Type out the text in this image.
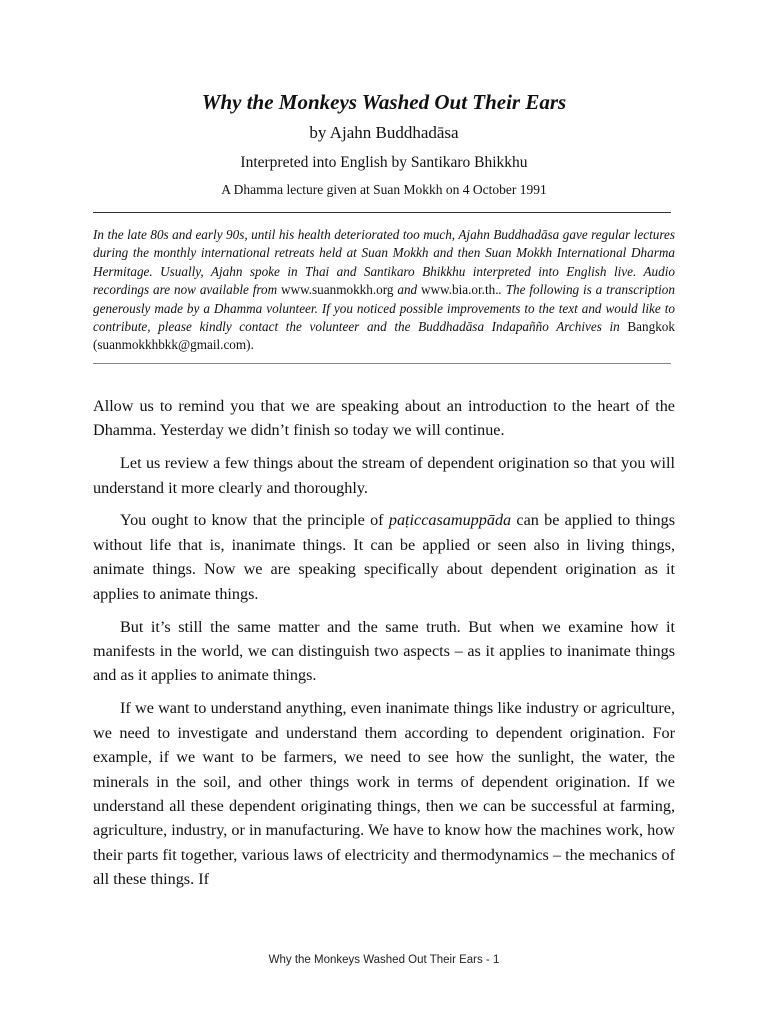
Why the Monkeys Washed Out Their Ears
by Ajahn Buddhadāsa
Interpreted into English by Santikaro Bhikkhu
A Dhamma lecture given at Suan Mokkh on 4 October 1991

In the late 80s and early 90s, until his health deteriorated too much, Ajahn Buddhadāsa gave regular lectures during the monthly international retreats held at Suan Mokkh and then Suan Mokkh International Dharma Hermitage. Usually, Ajahn spoke in Thai and Santikaro Bhikkhu interpreted into English live. Audio recordings are now available from www.suanmokkh.org and www.bia.or.th.. The following is a transcription generously made by a Dhamma volunteer. If you noticed possible improvements to the text and would like to contribute, please kindly contact the volunteer and the Buddhadāsa Indapañño Archives in Bangkok (suanmokkhbkk@gmail.com).

Allow us to remind you that we are speaking about an introduction to the heart of the Dhamma. Yesterday we didn’t finish so today we will continue.

Let us review a few things about the stream of dependent origination so that you will understand it more clearly and thoroughly.

You ought to know that the principle of paṭiccasamuppāda can be applied to things without life that is, inanimate things. It can be applied or seen also in living things, animate things. Now we are speaking specifically about dependent origination as it applies to animate things.

But it’s still the same matter and the same truth. But when we examine how it manifests in the world, we can distinguish two aspects – as it applies to inanimate things and as it applies to animate things.

If we want to understand anything, even inanimate things like industry or agriculture, we need to investigate and understand them according to dependent origination. For example, if we want to be farmers, we need to see how the sunlight, the water, the minerals in the soil, and other things work in terms of dependent origination. If we understand all these dependent originating things, then we can be successful at farming, agriculture, industry, or in manufacturing. We have to know how the machines work, how their parts fit together, various laws of electricity and thermodynamics – the mechanics of all these things. If

Why the Monkeys Washed Out Their Ears - 1
